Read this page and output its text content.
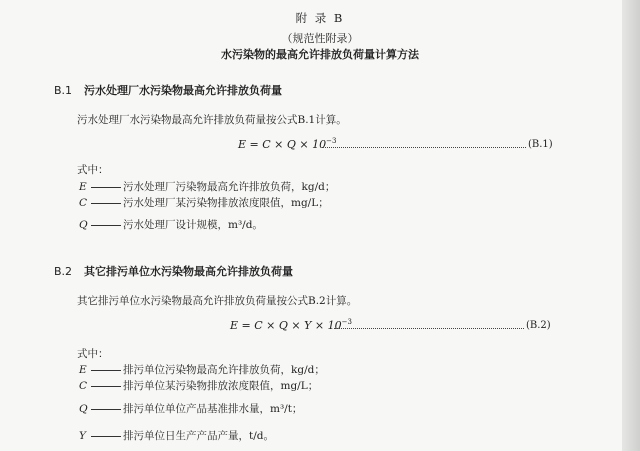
附 录 B
（规范性附录）
水污染物的最高允许排放负荷量计算方法
B.1 污水处理厂水污染物最高允许排放负荷量
污水处理厂水污染物最高允许排放负荷量按公式B.1计算。
$E = C \times Q \times 10^{-3}$	(B.1)
式中：
E	污水处理厂污染物最高允许排放负荷，kg/d；
C	污水处理厂某污染物排放浓度限值，mg/L；
Q	污水处理厂设计规模，m³/d。
B.2 其它排污单位水污染物最高允许排放负荷量
其它排污单位水污染物最高允许排放负荷量按公式B.2计算。
$E = C \times Q \times Y \times 10^{-3}$	(B.2)
式中：
E	排污单位污染物最高允许排放负荷，kg/d；
C	排污单位某污染物排放浓度限值，mg/L；
Q	排污单位单位产品基准排水量，m³/t；
Y	排污单位日生产产品产量，t/d。
